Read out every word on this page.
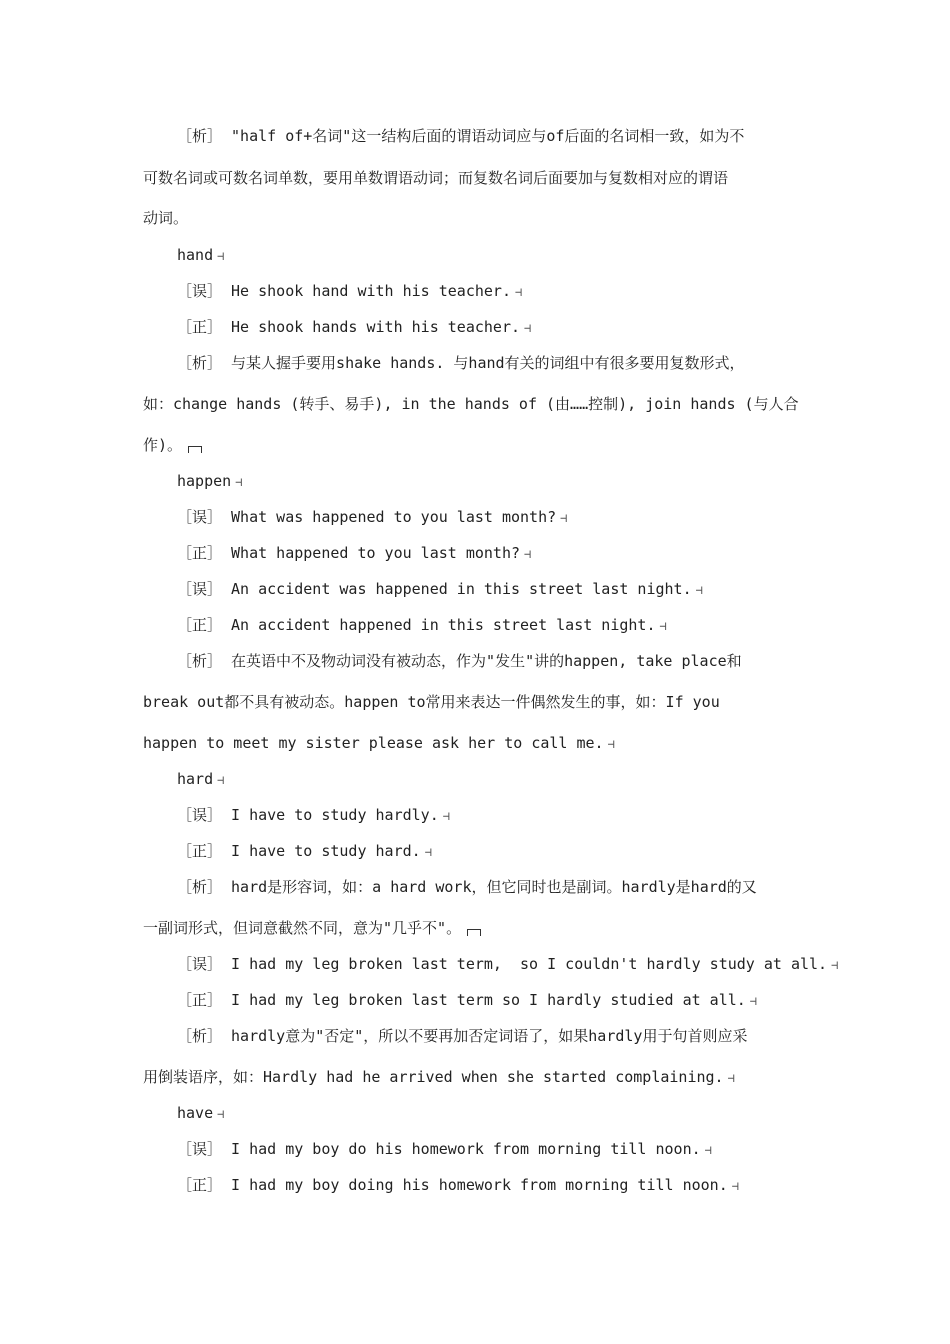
［析］ "half of+名词"这一结构后面的谓语动词应与of后面的名词相一致，如为不
可数名词或可数名词单数，要用单数谓语动词；而复数名词后面要加与复数相对应的谓语
动词。
hand ⊣
［误］ He shook hand with his teacher. ⊣
［正］ He shook hands with his teacher. ⊣
［析］ 与某人握手要用shake hands. 与hand有关的词组中有很多要用复数形式，
如：change hands (转手、易手), in the hands of (由……控制), join hands (与人合
作)。
happen ⊣
［误］ What was happened to you last month? ⊣
［正］ What happened to you last month? ⊣
［误］ An accident was happened in this street last night. ⊣
［正］ An accident happened in this street last night. ⊣
［析］ 在英语中不及物动词没有被动态，作为"发生"讲的happen, take place和
break out都不具有被动态。happen to常用来表达一件偶然发生的事，如：If you
happen to meet my sister please ask her to call me. ⊣
hard ⊣
［误］ I have to study hardly. ⊣
［正］ I have to study hard. ⊣
［析］ hard是形容词，如：a hard work，但它同时也是副词。hardly是hard的又
一副词形式，但词意截然不同，意为"几乎不"。
［误］ I had my leg broken last term,  so I couldn't hardly study at all. ⊣
［正］ I had my leg broken last term so I hardly studied at all. ⊣
［析］ hardly意为"否定"，所以不要再加否定词语了，如果hardly用于句首则应采
用倒装语序，如：Hardly had he arrived when she started complaining. ⊣
have ⊣
［误］ I had my boy do his homework from morning till noon. ⊣
［正］ I had my boy doing his homework from morning till noon. ⊣
